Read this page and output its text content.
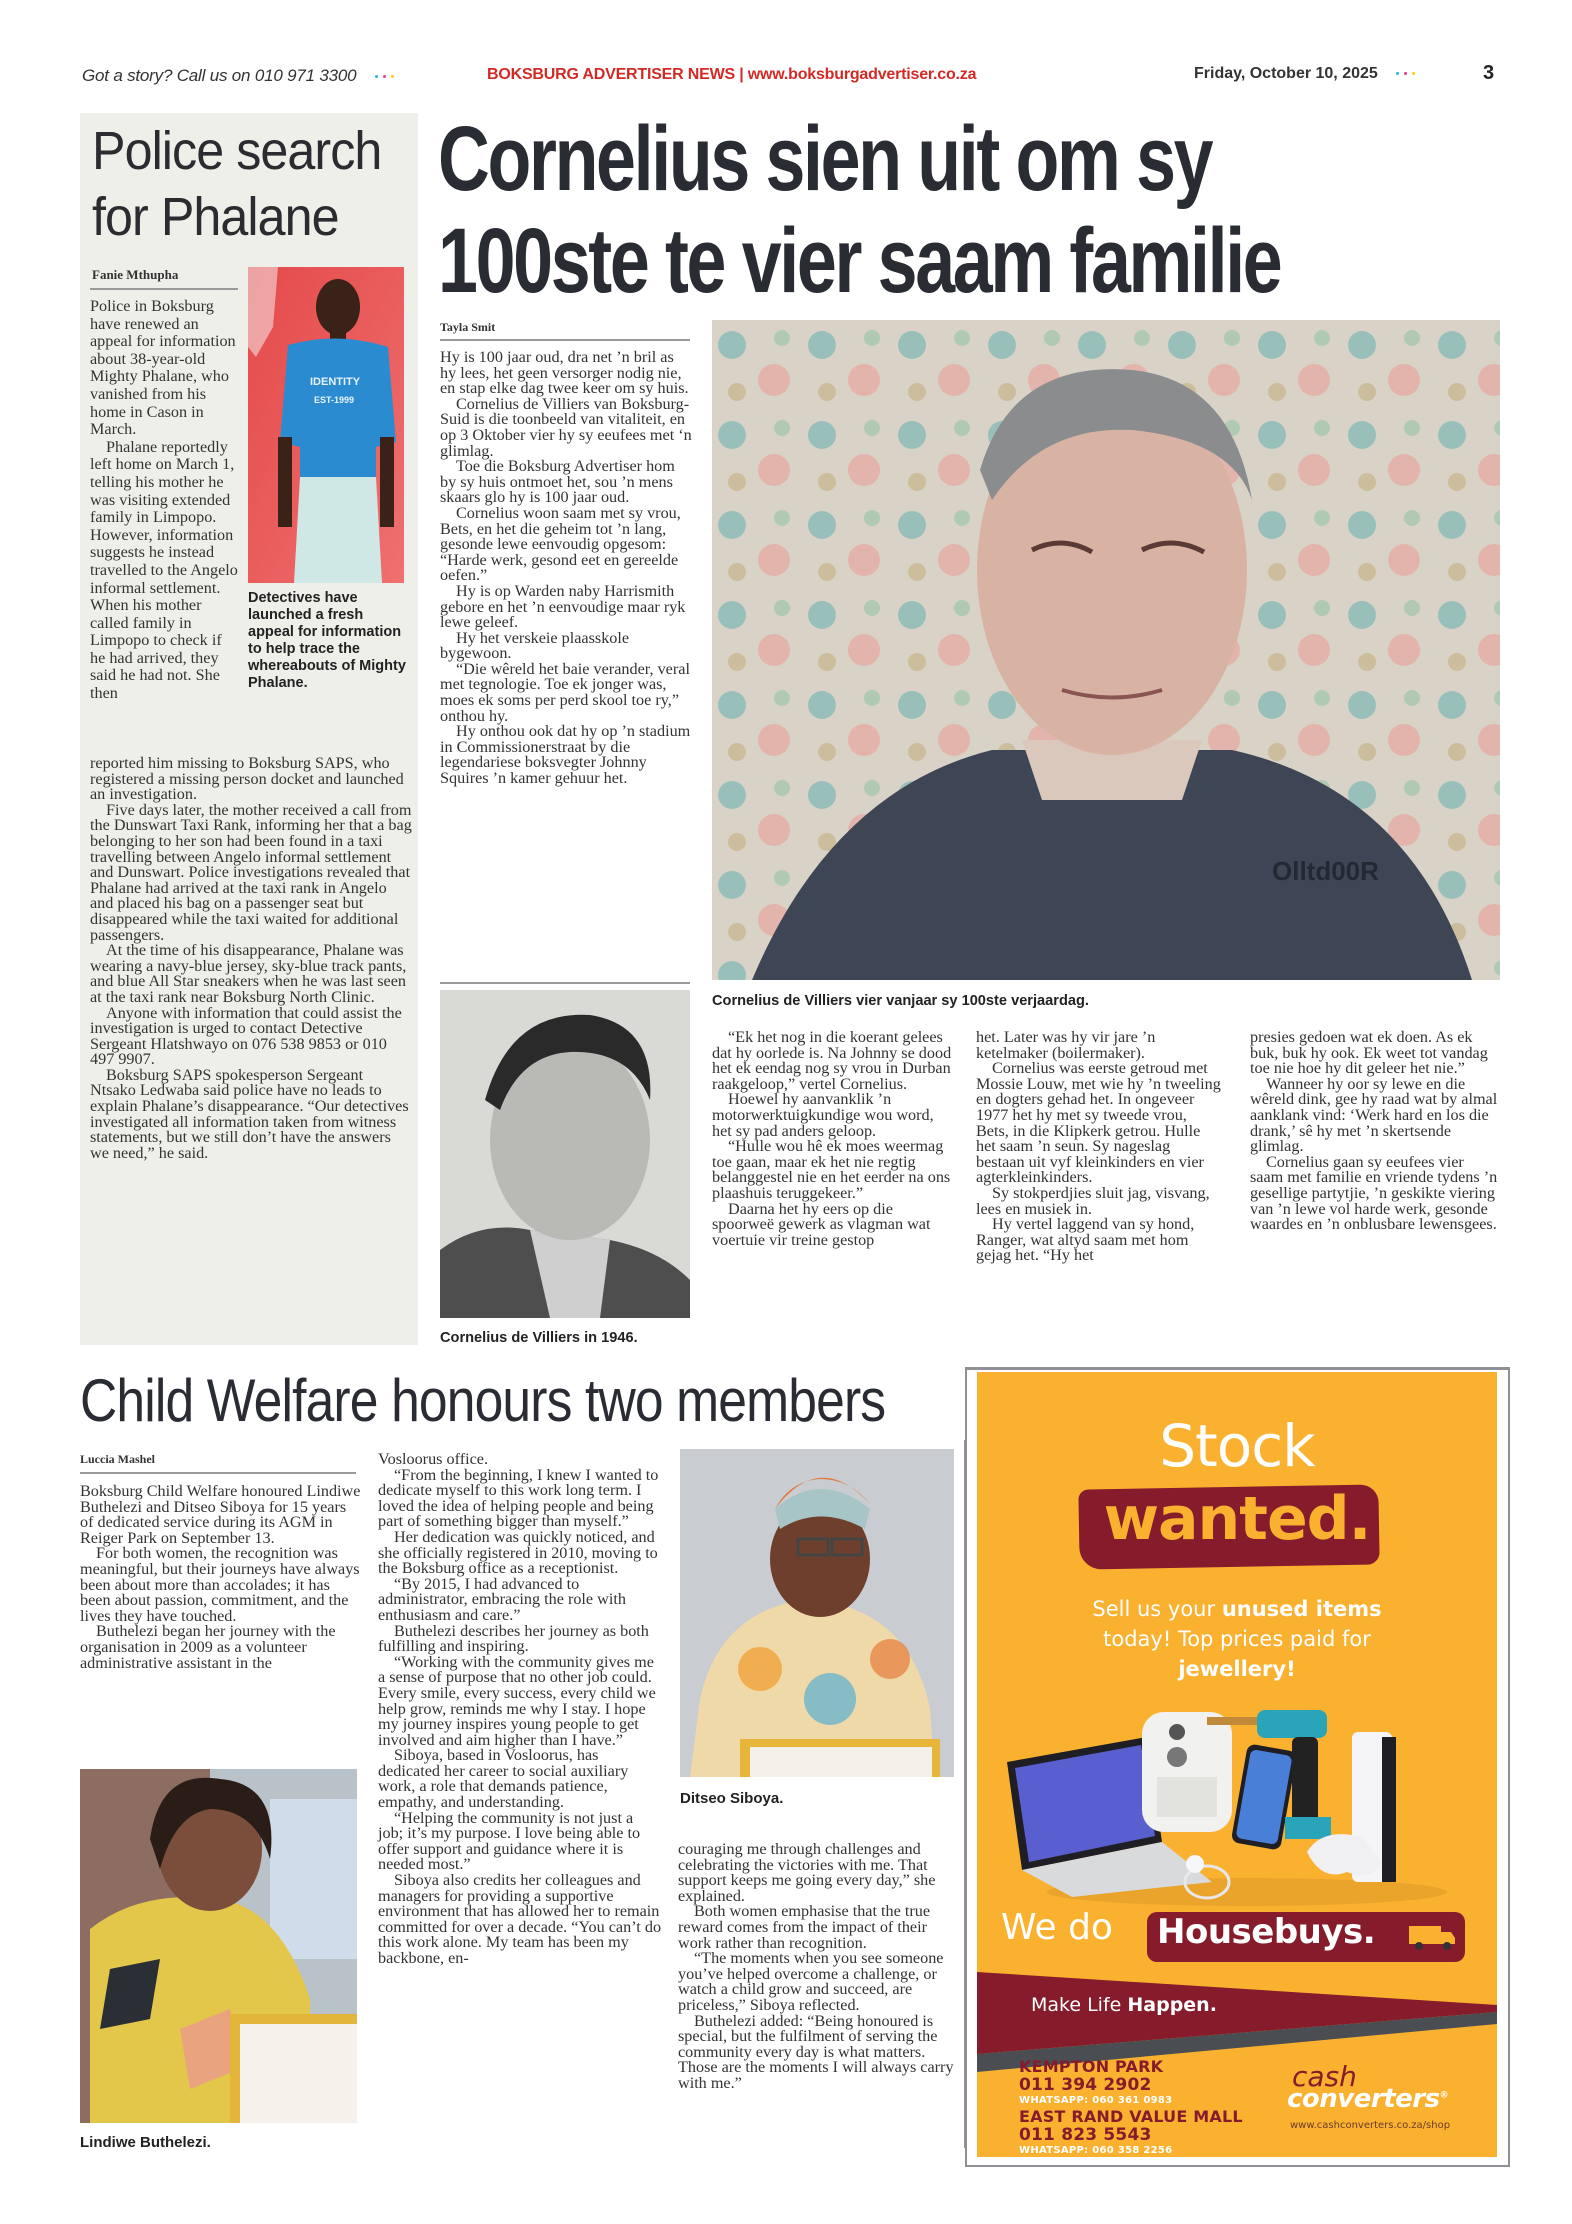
Got a story? Call us on 010 971 3300	BOKSBURG ADVERTISER NEWS | www.boksburgadvertiser.co.za	Friday, October 10, 2025	3
Police search for Phalane
Fanie Mthupha
IDENTITY
EST-1999
Detectives have launched a fresh appeal for information to help trace the whereabouts of Mighty Phalane.

Police in Boksburg have renewed an appeal for information about 38-year-old Mighty Phalane, who vanished from his home in Cason in March.

Phalane reportedly left home on March 1, telling his mother he was visiting extended family in Limpopo. However, information suggests he instead travelled to the Angelo informal settlement. When his mother called family in Limpopo to check if he had arrived, they said he had not. She then

reported him missing to Boksburg SAPS, who registered a missing person docket and launched an investigation.

Five days later, the mother received a call from the Dunswart Taxi Rank, informing her that a bag belonging to her son had been found in a taxi travelling between Angelo informal settlement and Dunswart. Police investigations revealed that Phalane had arrived at the taxi rank in Angelo and placed his bag on a passenger seat but disappeared while the taxi waited for additional passengers.

At the time of his disappearance, Phalane was wearing a navy-blue jersey, sky-blue track pants, and blue All Star sneakers when he was last seen at the taxi rank near Boksburg North Clinic.

Anyone with information that could assist the investigation is urged to contact Detective Sergeant Hlatshwayo on 076 538 9853 or 010 497 9907.

Boksburg SAPS spokesperson Sergeant Ntsako Ledwaba said police have no leads to explain Phalane’s disappearance. “Our detectives investigated all information taken from witness statements, but we still don’t have the answers we need,” he said.

Cornelius sien uit om sy
100ste te vier saam familie
Tayla Smit

Hy is 100 jaar oud, dra net ’n bril as hy lees, het geen versorger nodig nie, en stap elke dag twee keer om sy huis.

Cornelius de Villiers van Boksburg-Suid is die toonbeeld van vitaliteit, en op 3 Oktober vier hy sy eeufees met ‘n glimlag.

Toe die Boksburg Advertiser hom by sy huis ontmoet het, sou ’n mens skaars glo hy is 100 jaar oud.

Cornelius woon saam met sy vrou, Bets, en het die geheim tot ’n lang, gesonde lewe eenvoudig opgesom: “Harde werk, gesond eet en gereelde oefen.”

Hy is op Warden naby Harrismith gebore en het ’n eenvoudige maar ryk lewe geleef.

Hy het verskeie plaasskole bygewoon.

“Die wêreld het baie verander, veral met tegnologie. Toe ek jonger was, moes ek soms per perd skool toe ry,” onthou hy.

Hy onthou ook dat hy op ’n stadium in Commissionerstraat by die legendariese boksvegter Johnny Squires ’n kamer gehuur het.

Olltd00R
Cornelius de Villiers vier vanjaar sy 100ste verjaardag.
Cornelius de Villiers in 1946.

“Ek het nog in die koerant gelees dat hy oorlede is. Na Johnny se dood het ek eendag nog sy vrou in Durban raakgeloop,” vertel Cornelius.

Hoewel hy aanvanklik ’n motorwerktuigkundige wou word, het sy pad anders geloop.

“Hulle wou hê ek moes weermag toe gaan, maar ek het nie regtig belanggestel nie en het eerder na ons plaashuis teruggekeer.”

Daarna het hy eers op die spoorweë gewerk as vlagman wat voertuie vir treine gestop

het. Later was hy vir jare ’n ketelmaker (boilermaker).

Cornelius was eerste getroud met Mossie Louw, met wie hy ’n tweeling en dogters gehad het. In ongeveer 1977 het hy met sy tweede vrou, Bets, in die Klipkerk getrou. Hulle het saam ’n seun. Sy nageslag bestaan uit vyf kleinkinders en vier agterkleinkinders.

Sy stokperdjies sluit jag, visvang, lees en musiek in.

Hy vertel laggend van sy hond, Ranger, wat altyd saam met hom gejag het. “Hy het

presies gedoen wat ek doen. As ek buk, buk hy ook. Ek weet tot vandag toe nie hoe hy dit geleer het nie.”

Wanneer hy oor sy lewe en die wêreld dink, gee hy raad wat by almal aanklank vind: ‘Werk hard en los die drank,’ sê hy met ’n skertsende glimlag.

Cornelius gaan sy eeufees vier saam met familie en vriende tydens ’n gesellige partytjie, ’n geskikte viering van ’n lewe vol harde werk, gesonde waardes en ’n onblusbare lewensgees.

Child Welfare honours two members
Luccia Mashel

Boksburg Child Welfare honoured Lindiwe Buthelezi and Ditseo Siboya for 15 years of dedicated service during its AGM in Reiger Park on September 13.

For both women, the recognition was meaningful, but their journeys have always been about more than accolades; it has been about passion, commitment, and the lives they have touched.

Buthelezi began her journey with the organisation in 2009 as a volunteer administrative assistant in the

Lindiwe Buthelezi.

Vosloorus office.

“From the beginning, I knew I wanted to dedicate myself to this work long term. I loved the idea of helping people and being part of something bigger than myself.”

Her dedication was quickly noticed, and she officially registered in 2010, moving to the Boksburg office as a receptionist.

“By 2015, I had advanced to administrator, embracing the role with enthusiasm and care.”

Buthelezi describes her journey as both fulfilling and inspiring.

“Working with the community gives me a sense of purpose that no other job could. Every smile, every success, every child we help grow, reminds me why I stay. I hope my journey inspires young people to get involved and aim higher than I have.”

Siboya, based in Vosloorus, has dedicated her career to social auxiliary work, a role that demands patience, empathy, and understanding.

“Helping the community is not just a job; it’s my purpose. I love being able to offer support and guidance where it is needed most.”

Siboya also credits her colleagues and managers for providing a supportive environment that has allowed her to remain committed for over a decade. “You can’t do this work alone. My team has been my backbone, en-

Ditseo Siboya.

couraging me through challenges and celebrating the victories with me. That support keeps me going every day,” she explained.

Both women emphasise that the true reward comes from the impact of their work rather than recognition.

“The moments when you see someone you’ve helped overcome a challenge, or watch a child grow and succeed, are priceless,” Siboya reflected.

Buthelezi added: “Being honoured is special, but the fulfilment of serving the community every day is what matters. Those are the moments I will always carry with me.”

Stock
wanted.
Sell us your unused items
today! Top prices paid for
jewellery!
We do Housebuys.
Make Life Happen.
KEMPTON PARK
011 394 2902
WHATSAPP: 060 361 0983
EAST RAND VALUE MALL
011 823 5543
WHATSAPP: 060 358 2256
cash
converters®
www.cashconverters.co.za/shop
